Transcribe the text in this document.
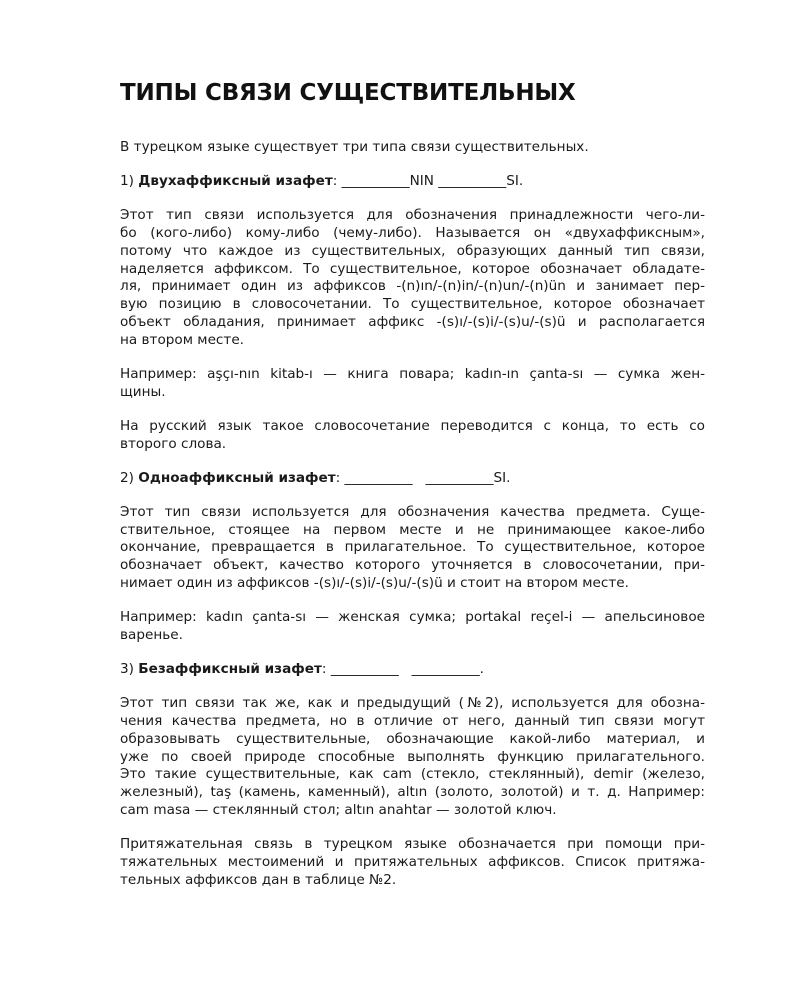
ТИПЫ СВЯЗИ СУЩЕСТВИТЕЛЬНЫХ
В турецком языке существует три типа связи существительных.
1) Двухаффиксный изафет: __________NIN __________SI.
Этот тип связи используется для обозначения принадлежности чего-ли-
бо (кого-либо) кому-либо (чему-либо). Называется он «двухаффиксным»,
потому что каждое из существительных, образующих данный тип связи,
наделяется аффиксом. То существительное, которое обозначает обладате-
ля, принимает один из аффиксов -(n)ın/-(n)in/-(n)un/-(n)ün и занимает пер-
вую позицию в словосочетании. То существительное, которое обозначает
объект обладания, принимает аффикс -(s)ı/-(s)i/-(s)u/-(s)ü и располагается
на втором месте.
Например: aşçı-nın kitab-ı — книга повара; kadın-ın çanta-sı — сумка жен-
щины.
На русский язык такое словосочетание переводится с конца, то есть со
второго слова.
2) Одноаффиксный изафет: __________   __________SI.
Этот тип связи используется для обозначения качества предмета. Суще-
ствительное, стоящее на первом месте и не принимающее какое-либо
окончание, превращается в прилагательное. То существительное, которое
обозначает объект, качество которого уточняется в словосочетании, при-
нимает один из аффиксов -(s)ı/-(s)i/-(s)u/-(s)ü и стоит на втором месте.
Например: kadın çanta-sı — женская сумка; portakal reçel-i — апельсиновое
варенье.
3) Безаффиксный изафет: __________   __________.
Этот тип связи так же, как и предыдущий (№2), используется для обозна-
чения качества предмета, но в отличие от него, данный тип связи могут
образовывать существительные, обозначающие какой-либо материал, и
уже по своей природе способные выполнять функцию прилагательного.
Это такие существительные, как cam (стекло, стеклянный), demir (железо,
железный), taş (камень, каменный), altın (золото, золотой) и т. д. Например:
cam masa — стеклянный стол; altın anahtar — золотой ключ.
Притяжательная связь в турецком языке обозначается при помощи при-
тяжательных местоимений и притяжательных аффиксов. Список притяжа-
тельных аффиксов дан в таблице №2.
